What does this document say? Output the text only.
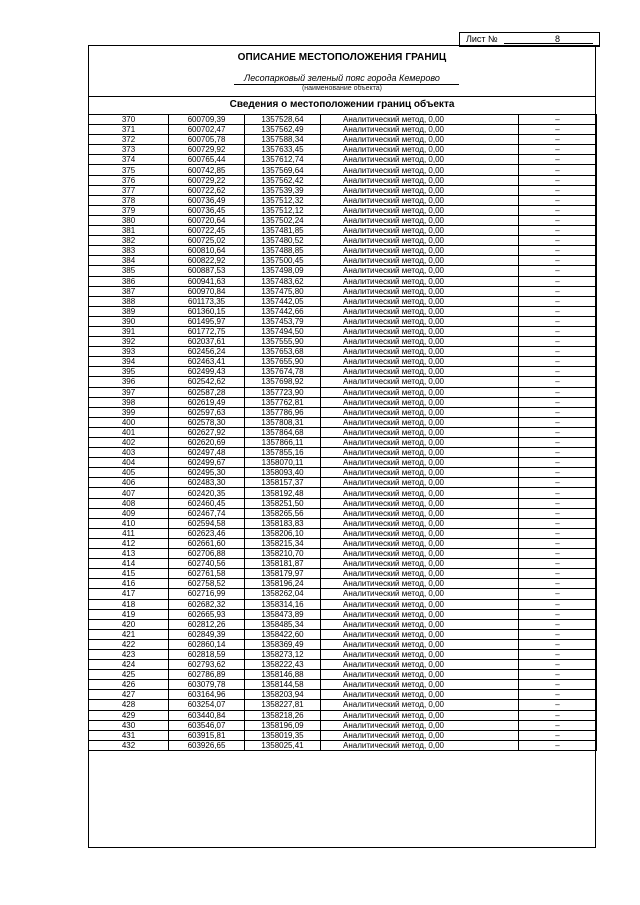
Лист №	8
ОПИСАНИЕ МЕСТОПОЛОЖЕНИЯ ГРАНИЦ
Лесопарковый зеленый пояс города Кемерово
(наименование объекта)
Сведения о местоположении границ объекта
370	600709,39	1357528,64	Аналитический метод, 0,00	–
371	600702,47	1357562,49	Аналитический метод, 0,00	–
372	600705,78	1357588,34	Аналитический метод, 0,00	–
373	600729,92	1357633,45	Аналитический метод, 0,00	–
374	600765,44	1357612,74	Аналитический метод, 0,00	–
375	600742,85	1357569,64	Аналитический метод, 0,00	–
376	600729,22	1357562,42	Аналитический метод, 0,00	–
377	600722,62	1357539,39	Аналитический метод, 0,00	–
378	600736,49	1357512,32	Аналитический метод, 0,00	–
379	600736,45	1357512,12	Аналитический метод, 0,00	–
380	600720,64	1357502,24	Аналитический метод, 0,00	–
381	600722,45	1357481,85	Аналитический метод, 0,00	–
382	600725,02	1357480,52	Аналитический метод, 0,00	–
383	600810,64	1357488,85	Аналитический метод, 0,00	–
384	600822,92	1357500,45	Аналитический метод, 0,00	–
385	600887,53	1357498,09	Аналитический метод, 0,00	–
386	600941,63	1357483,62	Аналитический метод, 0,00	–
387	600970,84	1357475,80	Аналитический метод, 0,00	–
388	601173,35	1357442,05	Аналитический метод, 0,00	–
389	601360,15	1357442,66	Аналитический метод, 0,00	–
390	601495,97	1357453,79	Аналитический метод, 0,00	–
391	601772,75	1357494,50	Аналитический метод, 0,00	–
392	602037,61	1357555,90	Аналитический метод, 0,00	–
393	602456,24	1357653,68	Аналитический метод, 0,00	–
394	602463,41	1357655,90	Аналитический метод, 0,00	–
395	602499,43	1357674,78	Аналитический метод, 0,00	–
396	602542,62	1357698,92	Аналитический метод, 0,00	–
397	602587,28	1357723,90	Аналитический метод, 0,00	–
398	602619,49	1357762,81	Аналитический метод, 0,00	–
399	602597,63	1357786,96	Аналитический метод, 0,00	–
400	602578,30	1357808,31	Аналитический метод, 0,00	–
401	602627,92	1357864,68	Аналитический метод, 0,00	–
402	602620,69	1357866,11	Аналитический метод, 0,00	–
403	602497,48	1357855,16	Аналитический метод, 0,00	–
404	602499,67	1358070,11	Аналитический метод, 0,00	–
405	602495,30	1358093,40	Аналитический метод, 0,00	–
406	602483,30	1358157,37	Аналитический метод, 0,00	–
407	602420,35	1358192,48	Аналитический метод, 0,00	–
408	602460,45	1358251,50	Аналитический метод, 0,00	–
409	602467,74	1358265,56	Аналитический метод, 0,00	–
410	602594,58	1358183,83	Аналитический метод, 0,00	–
411	602623,46	1358206,10	Аналитический метод, 0,00	–
412	602661,60	1358215,34	Аналитический метод, 0,00	–
413	602706,88	1358210,70	Аналитический метод, 0,00	–
414	602740,56	1358181,87	Аналитический метод, 0,00	–
415	602761,58	1358179,97	Аналитический метод, 0,00	–
416	602758,52	1358196,24	Аналитический метод, 0,00	–
417	602716,99	1358262,04	Аналитический метод, 0,00	–
418	602682,32	1358314,16	Аналитический метод, 0,00	–
419	602665,93	1358473,89	Аналитический метод, 0,00	–
420	602812,26	1358485,34	Аналитический метод, 0,00	–
421	602849,39	1358422,60	Аналитический метод, 0,00	–
422	602860,14	1358369,49	Аналитический метод, 0,00	–
423	602818,59	1358273,12	Аналитический метод, 0,00	–
424	602793,62	1358222,43	Аналитический метод, 0,00	–
425	602786,89	1358146,88	Аналитический метод, 0,00	–
426	603079,78	1358144,58	Аналитический метод, 0,00	–
427	603164,96	1358203,94	Аналитический метод, 0,00	–
428	603254,07	1358227,81	Аналитический метод, 0,00	–
429	603440,84	1358218,26	Аналитический метод, 0,00	–
430	603546,07	1358196,09	Аналитический метод, 0,00	–
431	603915,81	1358019,35	Аналитический метод, 0,00	–
432	603926,65	1358025,41	Аналитический метод, 0,00	–
